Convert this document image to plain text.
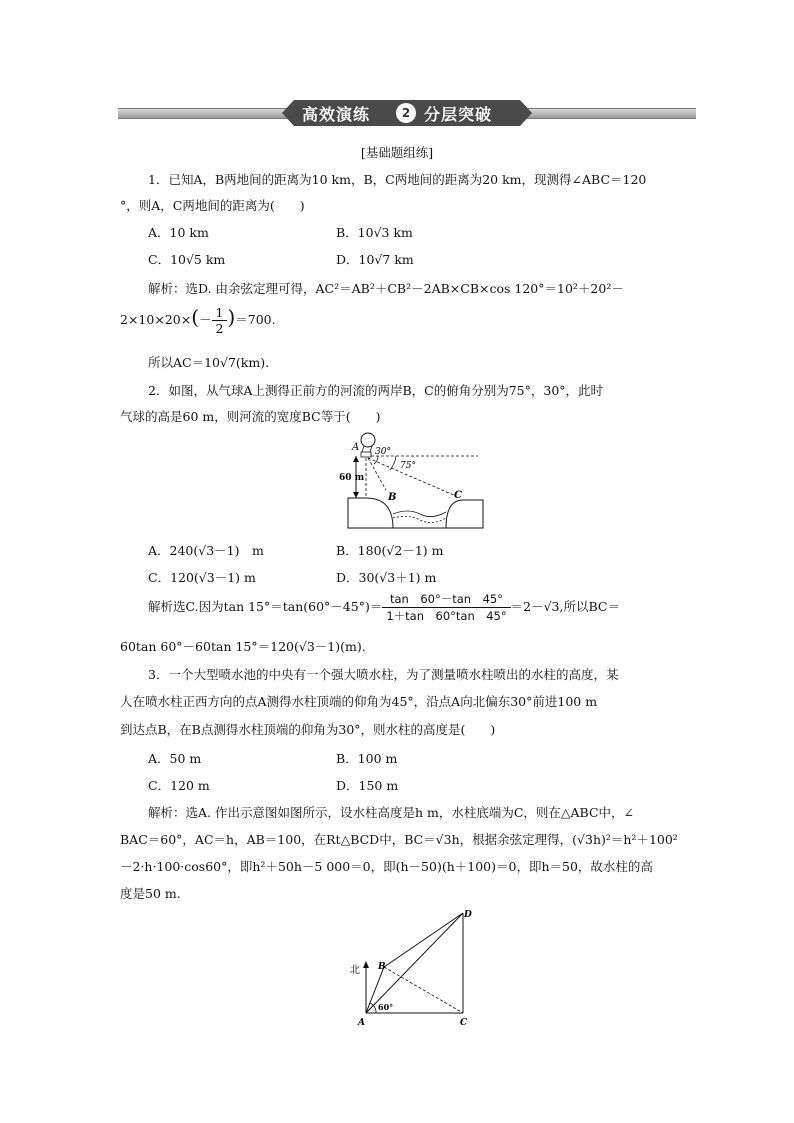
高效演练	2 分层突破
[基础题组练]
1．已知A，B两地间的距离为10 km，B，C两地间的距离为20 km，现测得∠ABC＝120
°，则A，C两地间的距离为(　　)
A．10 km	B．10√3 km
C．10√5 km	D．10√7 km
解析：选D. 由余弦定理可得，AC²＝AB²＋CB²－2AB×CB×cos 120°＝10²＋20²－
$2\times 10\times 20\times(- \frac{1}{2} )=700$.
所以AC＝10√7(km).
2．如图，从气球A上测得正前方的河流的两岸B，C的俯角分别为75°，30°，此时
气球的高是60 m，则河流的宽度BC等于(　　)
A
60 m
30°
75°
B	C
A．240(√3－1)　m	B．180(√2－1) m
C．120(√3－1) m	D．30(√3＋1) m
解析选C.因为$\tan 15^\circ=\tan(60^\circ-45^\circ)= \frac{\tan 60^\circ-\tan 45^\circ}{1+\tan 60^\circ\tan 45^\circ} =2-√3$,所以BC＝
60tan 60°－60tan 15°＝120(√3－1)(m).
3．一个大型喷水池的中央有一个强大喷水柱，为了测量喷水柱喷出的水柱的高度，某
人在喷水柱正西方向的点A测得水柱顶端的仰角为45°，沿点A向北偏东30°前进100 m
到达点B，在B点测得水柱顶端的仰角为30°，则水柱的高度是(　　)
A．50 m	B．100 m
C．120 m	D．150 m
解析：选A. 作出示意图如图所示，设水柱高度是h m，水柱底端为C，则在△ABC中，∠
BAC＝60°，AC＝h，AB＝100，在Rt△BCD中，BC＝√3h，根据余弦定理得，(√3h)²＝h²＋100²
－2·h·100·cos60°，即h²＋50h－5 000＝0，即(h－50)(h＋100)＝0，即h＝50，故水柱的高
度是50 m.
北 B
A	C
D
60°
